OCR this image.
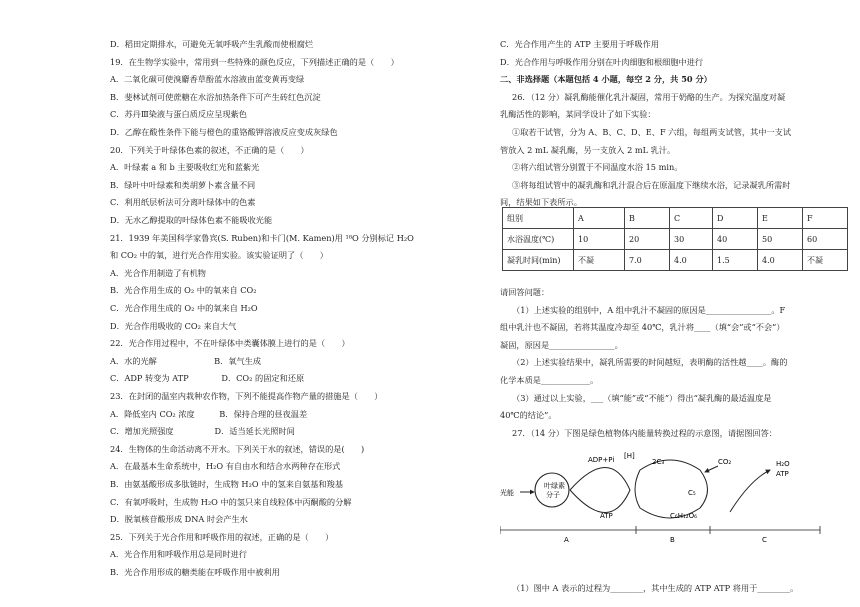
D．稻田定期排水，可避免无氧呼吸产生乳酸而使根腐烂
19．在生物学实验中，常用到一些特殊的颜色反应，下列描述正确的是（　　）
A．二氧化碳可使溴麝香草酚蓝水溶液由蓝变黄再变绿
B．斐林试剂可使蔗糖在水浴加热条件下可产生砖红色沉淀
C．苏丹Ⅲ染液与蛋白质反应呈现紫色
D．乙醇在酸性条件下能与橙色的重铬酸钾溶液反应变成灰绿色
20．下列关于叶绿体色素的叙述，不正确的是（　　）
A．叶绿素 a 和 b 主要吸收红光和蓝紫光
B．绿叶中叶绿素和类胡萝卜素含量不同
C．利用纸层析法可分离叶绿体中的色素
D．无水乙醇提取的叶绿体色素不能吸收光能
21．1939 年美国科学家鲁宾(S. Ruben)和卡门(M. Kamen)用 ¹⁸O 分别标记 H₂O
和 CO₂ 中的氧，进行光合作用实验。该实验证明了（　　）
A．光合作用制造了有机物
B．光合作用生成的 O₂ 中的氧来自 CO₂
C．光合作用生成的 O₂ 中的氧来自 H₂O
D．光合作用吸收的 CO₂ 来自大气
22．光合作用过程中，不在叶绿体中类囊体膜上进行的是（　　）
A．水的光解　　　　　　　B．氧气生成
C．ADP 转变为 ATP　　　　D．CO₂ 的固定和还原
23．在封闭的温室内栽种农作物，下列不能提高作物产量的措施是（　　）
A．降低室内 CO₂ 浓度　　　B．保持合理的昼夜温差
C．增加光照强度　　　　　D．适当延长光照时间
24．生物体的生命活动离不开水。下列关于水的叙述，错误的是(　　)
A．在最基本生命系统中，H₂O 有自由水和结合水两种存在形式
B．由氨基酸形成多肽链时，生成物 H₂O 中的氢来自氨基和羧基
C．有氧呼吸时，生成物 H₂O 中的氢只来自线粒体中丙酮酸的分解
D．脱氧核苷酸形成 DNA 时会产生水
25．下列关于光合作用和呼吸作用的叙述，正确的是（　　）
A．光合作用和呼吸作用总是同时进行
B．光合作用形成的糖类能在呼吸作用中被利用
C．光合作用产生的 ATP 主要用于呼吸作用
D．光合作用与呼吸作用分别在叶肉细胞和根细胞中进行
二、非选择题（本题包括 4 小题，每空 2 分，共 50 分）
26．（12 分）凝乳酶能催化乳汁凝固，常用于奶酪的生产。为探究温度对凝
乳酶活性的影响，某同学设计了如下实验：
①取若干试管，分为 A、B、C、D、E、F 六组，每组两支试管，其中一支试
管放入 2 mL 凝乳酶，另一支放入 2 mL 乳汁。
②将六组试管分别置于不同温度水浴 15 min。
③将每组试管中的凝乳酶和乳汁混合后在原温度下继续水浴，记录凝乳所需时
间，结果如下表所示。
请回答问题：
（1）上述实验的组别中，A 组中乳汁不凝固的原因是________________。F
组中乳汁也不凝固，若将其温度冷却至 40℃，乳汁将____（填“会”或“不会”）
凝固，原因是________________。
（2）上述实验结果中，凝乳所需要的时间越短，表明酶的活性越____。酶的
化学本质是____________。
（3）通过以上实验，___（填“能”或“不能”）得出“凝乳酶的最适温度是
40℃的结论”。
27．（14 分）下图是绿色植物体内能量转换过程的示意图，请据图回答：
组别	A	B	C	D	E	F
水浴温度(℃)	10	20	30	40	50	60
凝乳时间(min)	不凝	7.0	4.0	1.5	4.0	不凝
光能
叶绿素
分子
ADP+Pi
ATP
[H]
2C₃
C₅
CO₂
C₆H₁₂O₆
H₂O
ATP
A	B	C
（1）图中 A 表示的过程为________，其中生成的 ATP ATP 将用于________。
